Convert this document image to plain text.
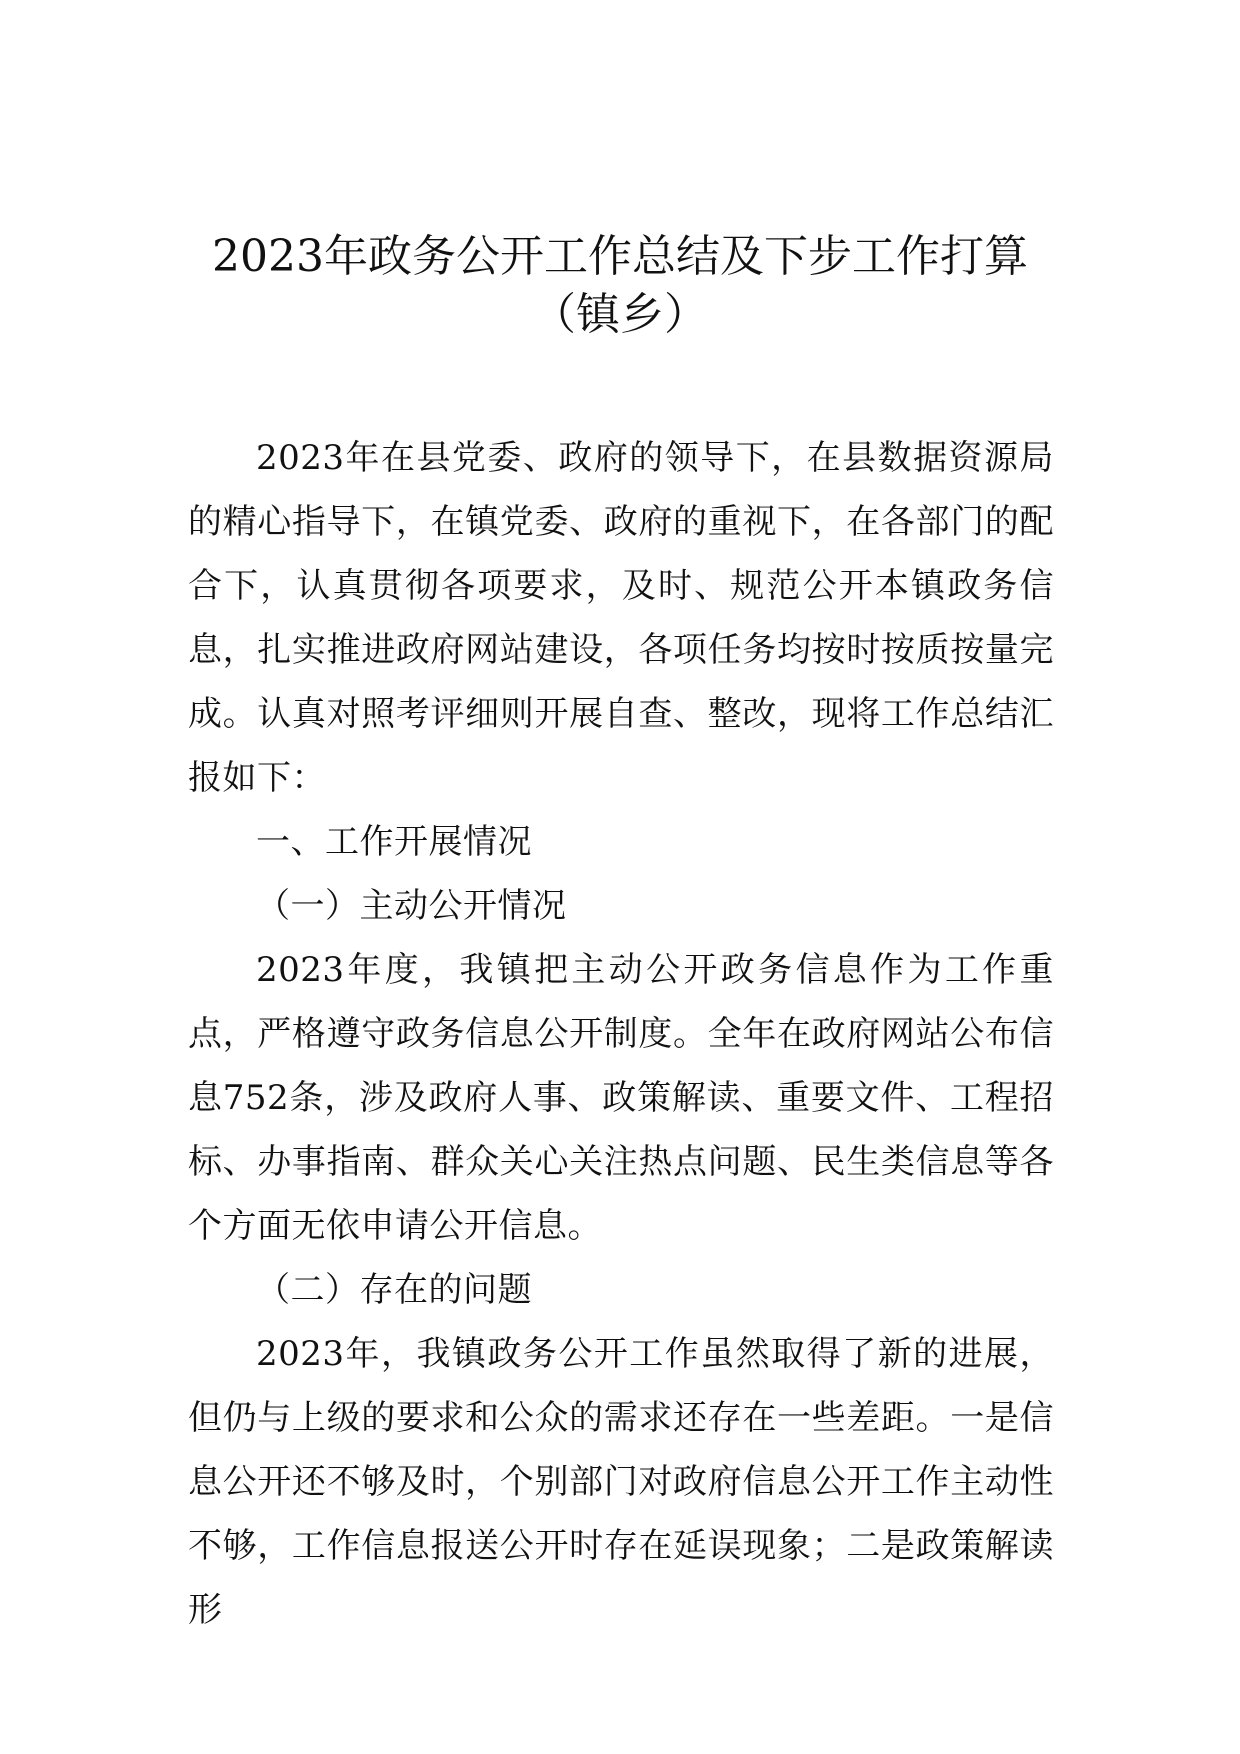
2023年政务公开工作总结及下步工作打算
（镇乡）

2023年在县党委、政府的领导下，在县数据资源局的精心指导下，在镇党委、政府的重视下，在各部门的配合下，认真贯彻各项要求，及时、规范公开本镇政务信息，扎实推进政府网站建设，各项任务均按时按质按量完成。认真对照考评细则开展自查、整改，现将工作总结汇报如下：

一、工作开展情况

（一）主动公开情况

2023年度，我镇把主动公开政务信息作为工作重点，严格遵守政务信息公开制度。全年在政府网站公布信息752条，涉及政府人事、政策解读、重要文件、工程招标、办事指南、群众关心关注热点问题、民生类信息等各个方面无依申请公开信息。

（二）存在的问题

2023年，我镇政务公开工作虽然取得了新的进展，但仍与上级的要求和公众的需求还存在一些差距。一是信息公开还不够及时，个别部门对政府信息公开工作主动性不够，工作信息报送公开时存在延误现象；二是政策解读形
